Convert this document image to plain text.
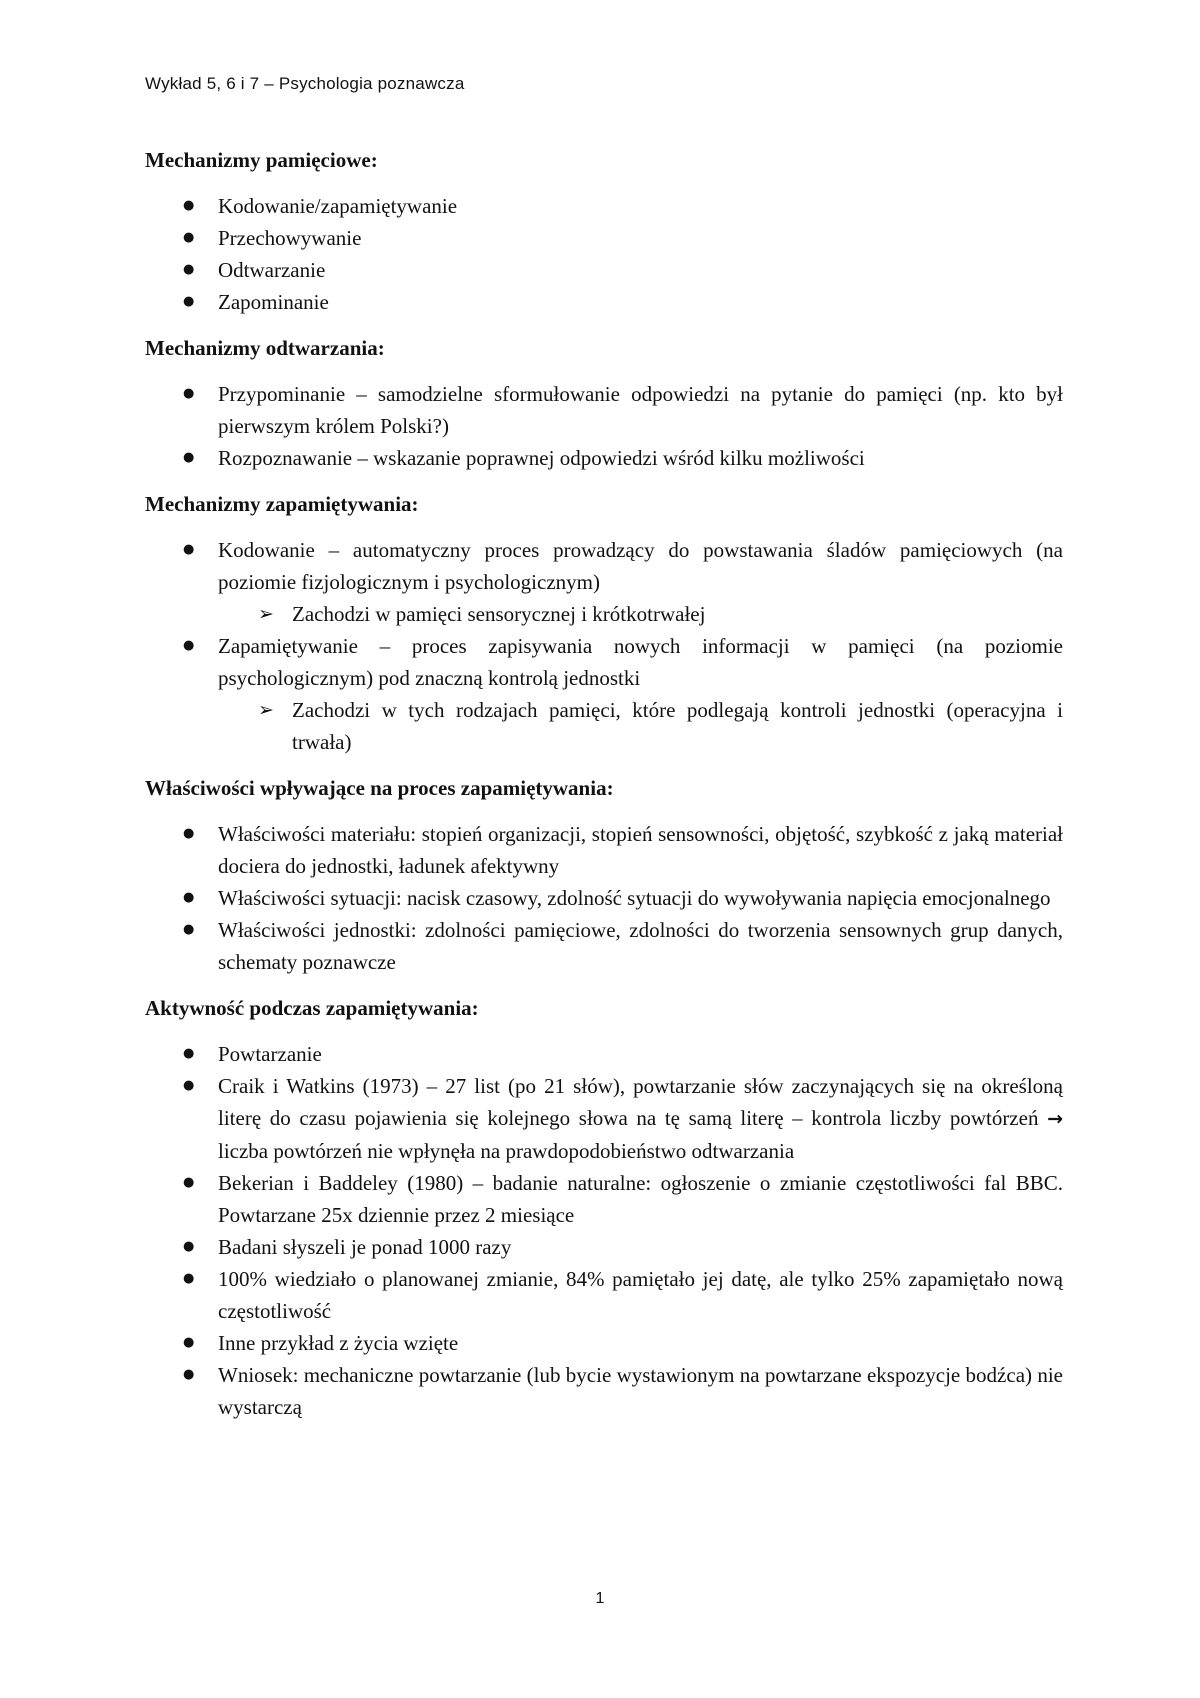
Wykład 5, 6 i 7 – Psychologia poznawcza
Mechanizmy pamięciowe:
● Kodowanie/zapamiętywanie
● Przechowywanie
● Odtwarzanie
● Zapominanie
Mechanizmy odtwarzania:
● Przypominanie – samodzielne sformułowanie odpowiedzi na pytanie do pamięci (np. kto był pierwszym królem Polski?)
● Rozpoznawanie – wskazanie poprawnej odpowiedzi wśród kilku możliwości
Mechanizmy zapamiętywania:
● Kodowanie – automatyczny proces prowadzący do powstawania śladów pamięciowych (na poziomie fizjologicznym i psychologicznym)
➢ Zachodzi w pamięci sensorycznej i krótkotrwałej
● Zapamiętywanie – proces zapisywania nowych informacji w pamięci (na poziomie psychologicznym) pod znaczną kontrolą jednostki
➢ Zachodzi w tych rodzajach pamięci, które podlegają kontroli jednostki (operacyjna i trwała)
Właściwości wpływające na proces zapamiętywania:
● Właściwości materiału: stopień organizacji, stopień sensowności, objętość, szybkość z jaką materiał dociera do jednostki, ładunek afektywny
● Właściwości sytuacji: nacisk czasowy, zdolność sytuacji do wywoływania napięcia emocjonalnego
● Właściwości jednostki: zdolności pamięciowe, zdolności do tworzenia sensownych grup danych, schematy poznawcze
Aktywność podczas zapamiętywania:
● Powtarzanie
● Craik i Watkins (1973) – 27 list (po 21 słów), powtarzanie słów zaczynających się na określoną literę do czasu pojawienia się kolejnego słowa na tę samą literę – kontrola liczby powtórzeń → liczba powtórzeń nie wpłynęła na prawdopodobieństwo odtwarzania
● Bekerian i Baddeley (1980) – badanie naturalne: ogłoszenie o zmianie częstotliwości fal BBC. Powtarzane 25x dziennie przez 2 miesiące
● Badani słyszeli je ponad 1000 razy
● 100% wiedziało o planowanej zmianie, 84% pamiętało jej datę, ale tylko 25% zapamiętało nową częstotliwość
● Inne przykład z życia wzięte
● Wniosek: mechaniczne powtarzanie (lub bycie wystawionym na powtarzane ekspozycje bodźca) nie wystarczą
1
